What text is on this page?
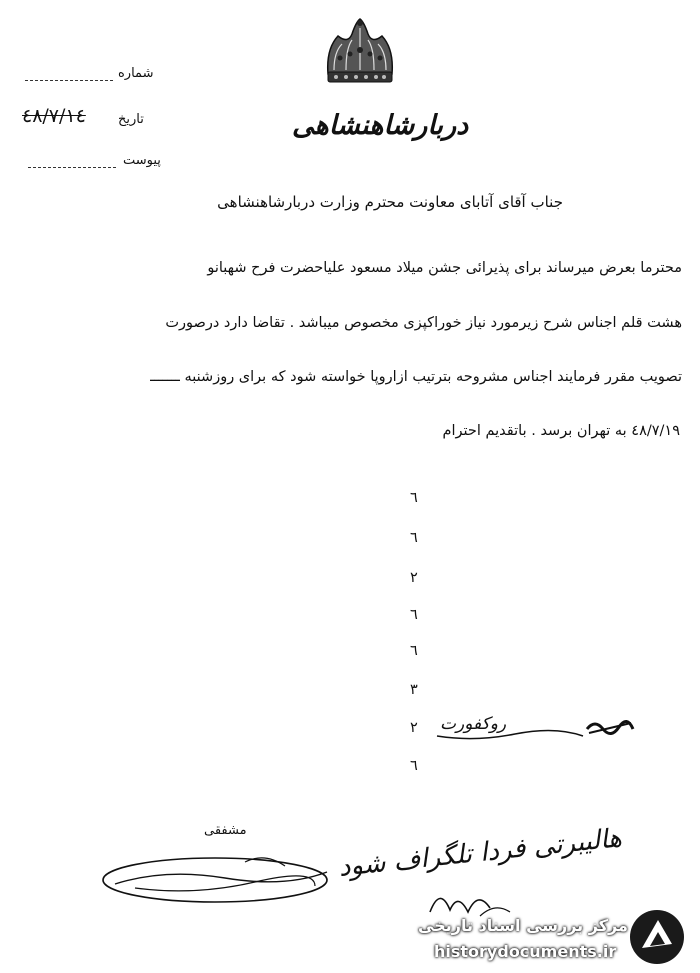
شماره
تاریخ
٤٨/٧/١٤
پیوست
دربارشاهنشاهی
جناب آقای آتابای معاونت محترم وزارت دربارشاهنشاهی
محترما بعرض میرساند برای پذیرائی جشن میلاد مسعود علیاحضرت فرح شهبانو
هشت قلم اجناس شرح زیرمورد نیاز خوراکپزی مخصوص میباشد . تقاضا دارد درصورت
تصویب مقرر فرمایند اجناس مشروحه بترتیب ازاروپا خواسته شود که برای روزشنبه ـــــــ
٤٨/٧/١٩ به تهران برسد . باتقدیم احترام
٦
٦
٢
٦
٦
٣
٢
٦
روکفورت
مشفقی	هالیبرتی فردا تلگراف شود
مرکز بررسی اسناد تاریخی
historydocuments.ir
